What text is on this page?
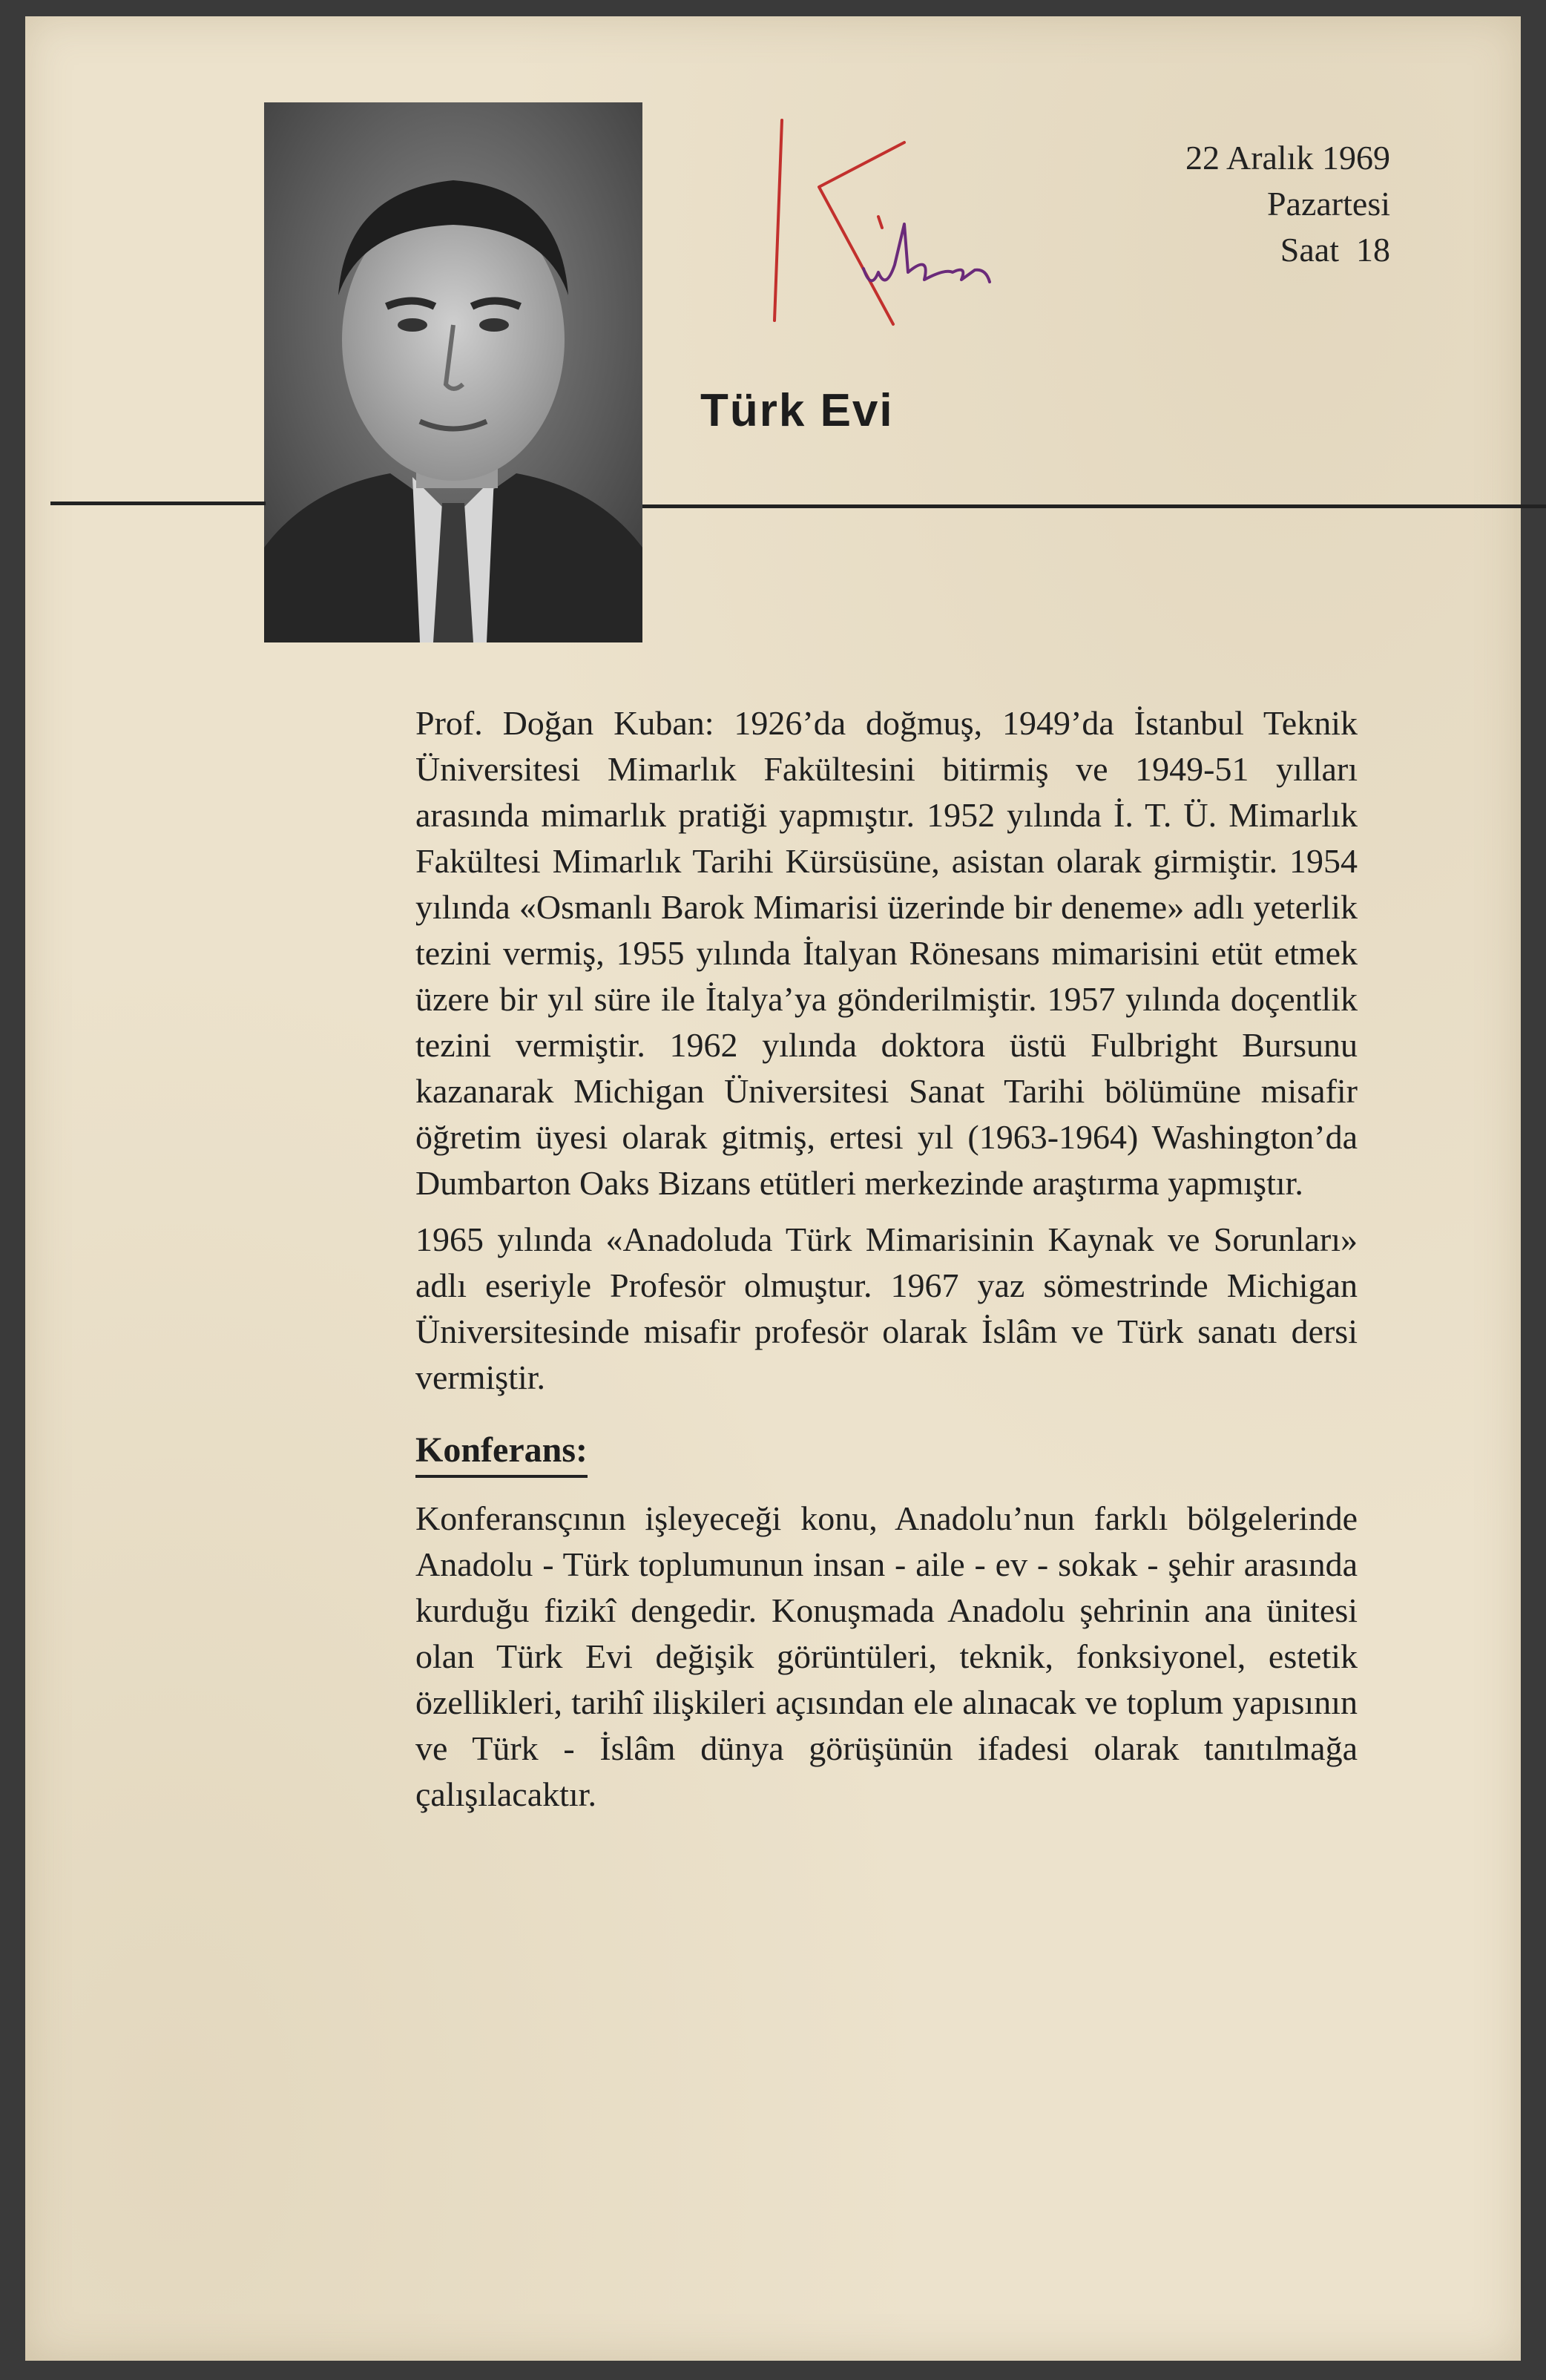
Türk Evi
22 Aralık 1969
Pazartesi
Saat  18

Prof. Doğan Kuban: 1926’da doğmuş, 1949’da İstanbul Teknik Üniversitesi Mimarlık Fakültesini bitirmiş ve 1949-51 yılları arasında mimarlık pratiği yapmıştır. 1952 yılında İ. T. Ü. Mimarlık Fakültesi Mimarlık Tarihi Kürsüsüne, asistan olarak girmiştir. 1954 yılında «Osmanlı Barok Mimarisi üzerinde bir deneme» adlı yeterlik tezini vermiş, 1955 yılında İtalyan Rönesans mimarisini etüt etmek üzere bir yıl süre ile İtalya’ya gönderilmiştir. 1957 yılında doçentlik tezini vermiştir. 1962 yılında doktora üstü Fulbright Bursunu kazanarak Michigan Üniversitesi Sanat Tarihi bölümüne misafir öğretim üyesi olarak gitmiş, ertesi yıl (1963-1964) Washington’da Dumbarton Oaks Bizans etütleri merkezinde araştırma yapmıştır.

1965 yılında «Anadoluda Türk Mimarisinin Kaynak ve Sorunları» adlı eseriyle Profesör olmuştur. 1967 yaz sömestrinde Michigan Üniversitesinde misafir profesör olarak İslâm ve Türk sanatı dersi vermiştir.

Konferans:

Konferansçının işleyeceği konu, Anadolu’nun farklı bölgelerinde Anadolu - Türk toplumunun insan - aile - ev - sokak - şehir arasında kurduğu fizikî dengedir. Konuşmada Anadolu şehrinin ana ünitesi olan Türk Evi değişik görüntüleri, teknik, fonksiyonel, estetik özellikleri, tarihî ilişkileri açısından ele alınacak ve toplum yapısının ve Türk - İslâm dünya görüşünün ifadesi olarak tanıtılmağa çalışılacaktır.
